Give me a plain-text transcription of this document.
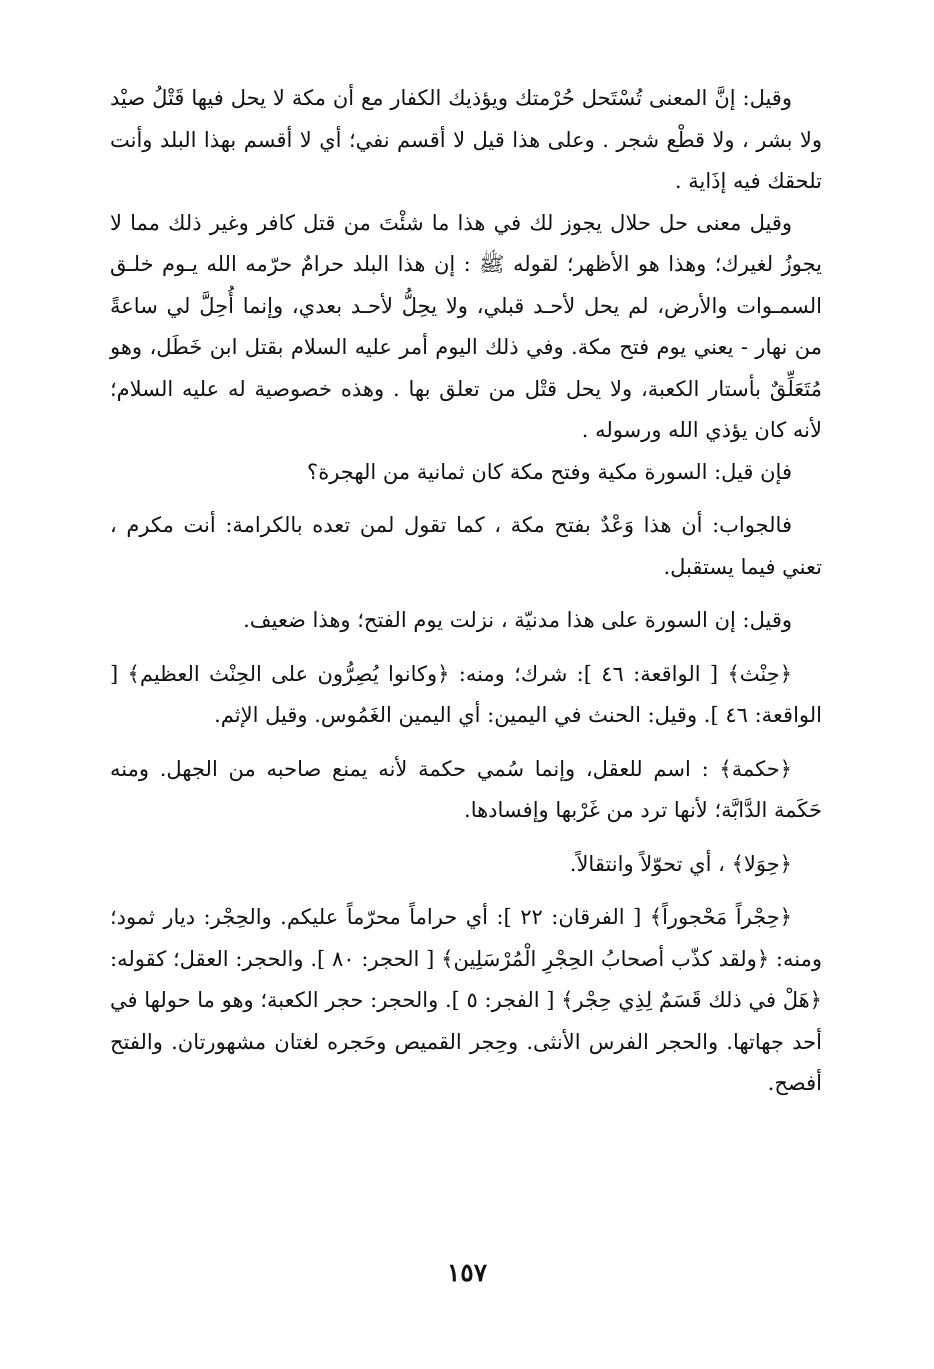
وقيل: إنَّ المعنى تُسْتَحل حُرْمتك ويؤذيك الكفار مع أن مكة لا يحل فيها قَتْلُ صيْد ولا بشر ، ولا قطْع شجر . وعلى هذا قيل لا أقسم نفي؛ أي لا أقسم بهذا البلد وأنت تلحقك فيه إذَاية .

وقيل معنى حل حلال يجوز لك في هذا ما شئْتَ من قتل كافر وغير ذلك مما لا يجوزُ لغيرك؛ وهذا هو الأظهر؛ لقوله ﷺ : إن هذا البلد حرامٌ حرّمه الله يـوم خلـق السمـوات والأرض، لم يحل لأحـد قبلي، ولا يحِلُّ لأحـد بعدي، وإنما أُحِلَّ لي ساعةً من نهار - يعني يوم فتح مكة. وفي ذلك اليوم أمر عليه السلام بقتل ابن خَطَل، وهو مُتَعَلِّقٌ بأستار الكعبة، ولا يحل قتْل من تعلق بها . وهذه خصوصية له عليه السلام؛ لأنه كان يؤذي الله ورسوله .

فإن قيل: السورة مكية وفتح مكة كان ثمانية من الهجرة؟

فالجواب: أن هذا وَعْدٌ بفتح مكة ، كما تقول لمن تعده بالكرامة: أنت مكرم ، تعني فيما يستقبل.

وقيل: إن السورة على هذا مدنيّة ، نزلت يوم الفتح؛ وهذا ضعيف.

﴿حِنْث﴾ [ الواقعة: ٤٦ ]: شرك؛ ومنه: ﴿وكانوا يُصِرُّون على الحِنْث العظيم﴾ [ الواقعة: ٤٦ ]. وقيل: الحنث في اليمين: أي اليمين الغَمُوس. وقيل الإثم.

﴿حكمة﴾ : اسم للعقل، وإنما سُمي حكمة لأنه يمنع صاحبه من الجهل. ومنه حَكَمة الدَّابَّة؛ لأنها ترد من غَرْبها وإفسادها.

﴿حِوَلا﴾ ، أي تحوّلاً وانتقالاً.

﴿حِجْراً مَحْجوراً﴾ [ الفرقان: ٢٢ ]: أي حراماً محرّماً عليكم. والحِجْر: ديار ثمود؛ ومنه: ﴿ولقد كذّب أصحابُ الحِجْرِ الْمُرْسَلِين﴾ [ الحجر: ٨٠ ]. والحجر: العقل؛ كقوله: ﴿هَلْ في ذلك قَسَمٌ لِذِي حِجْر﴾ [ الفجر: ٥ ]. والحجر: حجر الكعبة؛ وهو ما حولها في أحد جهاتها. والحجر الفرس الأنثى. وحِجر القميص وحَجره لغتان مشهورتان. والفتح أفصح.

١٥٧
